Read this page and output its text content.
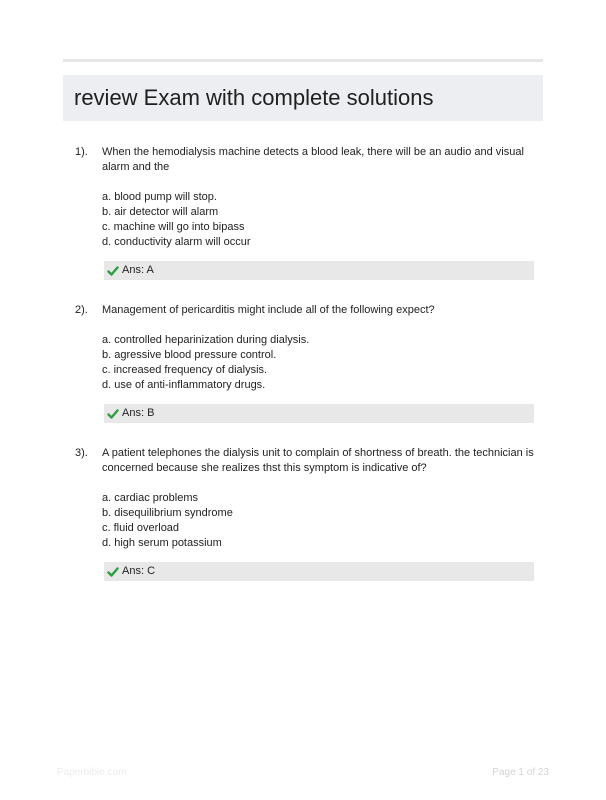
review Exam with complete solutions
1). When the hemodialysis machine detects a blood leak, there will be an audio and visual alarm and the
a. blood pump will stop.
b. air detector will alarm
c. machine will go into bipass
d. conductivity alarm will occur
Ans: A
2). Management of pericarditis might include all of the following expect?
a. controlled heparinization during dialysis.
b. agressive blood pressure control.
c. increased frequency of dialysis.
d. use of anti-inflammatory drugs.
Ans: B
3). A patient telephones the dialysis unit to complain of shortness of breath. the technician is concerned because she realizes thst this symptom is indicative of?
a. cardiac problems
b. disequilibrium syndrome
c. fluid overload
d. high serum potassium
Ans: C
Paperbible.com	Page 1 of 23
